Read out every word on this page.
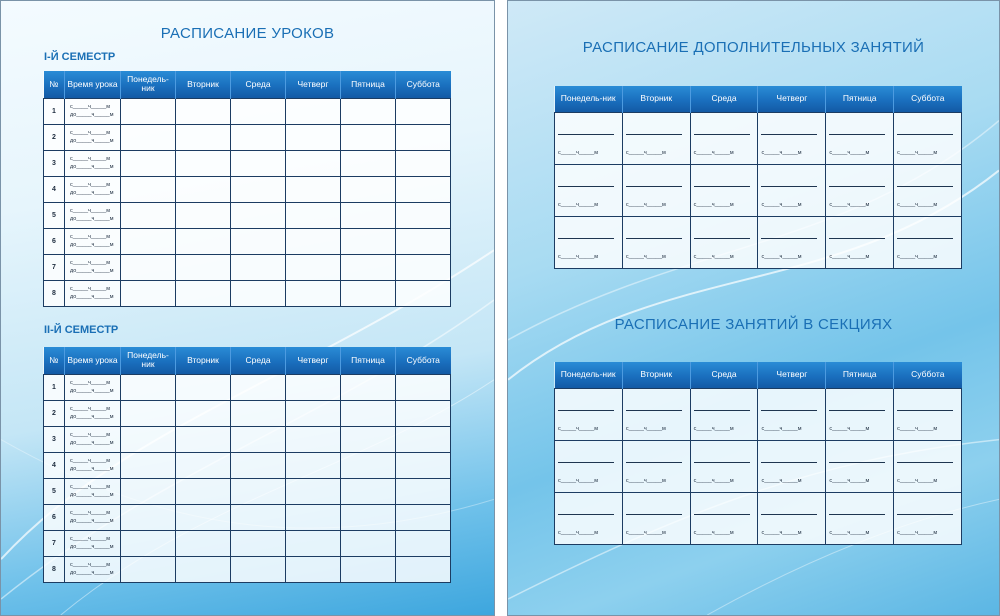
РАСПИСАНИЕ УРОКОВ
I-Й СЕМЕСТР
№	Время урока	Понедель-ник	Вторник	Среда	Четверг	Пятница	Суббота
1	с_____ч_____м
до_____ч_____м						

2	с_____ч_____м
до_____ч_____м						

3	с_____ч_____м
до_____ч_____м						

4	с_____ч_____м
до_____ч_____м						

5	с_____ч_____м
до_____ч_____м						

6	с_____ч_____м
до_____ч_____м						

7	с_____ч_____м
до_____ч_____м						

8	с_____ч_____м
до_____ч_____м						

II-Й СЕМЕСТР
№	Время урока	Понедель-ник	Вторник	Среда	Четверг	Пятница	Суббота
1	с_____ч_____м
до_____ч_____м						

2	с_____ч_____м
до_____ч_____м						

3	с_____ч_____м
до_____ч_____м						

4	с_____ч_____м
до_____ч_____м						

5	с_____ч_____м
до_____ч_____м						

6	с_____ч_____м
до_____ч_____м						

7	с_____ч_____м
до_____ч_____м						

8	с_____ч_____м
до_____ч_____м						

РАСПИСАНИЕ ДОПОЛНИТЕЛЬНЫХ ЗАНЯТИЙ
Понедель-ник	Вторник	Среда	Четверг	Пятница	Суббота

с_____ч_____м	с_____ч_____м	с_____ч_____м	с_____ч_____м	с_____ч_____м	с_____ч_____м

с_____ч_____м	с_____ч_____м	с_____ч_____м	с_____ч_____м	с_____ч_____м	с_____ч_____м

с_____ч_____м	с_____ч_____м	с_____ч_____м	с_____ч_____м	с_____ч_____м	с_____ч_____м
РАСПИСАНИЕ ЗАНЯТИЙ В СЕКЦИЯХ
Понедель-ник	Вторник	Среда	Четверг	Пятница	Суббота

с_____ч_____м	с_____ч_____м	с_____ч_____м	с_____ч_____м	с_____ч_____м	с_____ч_____м

с_____ч_____м	с_____ч_____м	с_____ч_____м	с_____ч_____м	с_____ч_____м	с_____ч_____м

с_____ч_____м	с_____ч_____м	с_____ч_____м	с_____ч_____м	с_____ч_____м	с_____ч_____м
